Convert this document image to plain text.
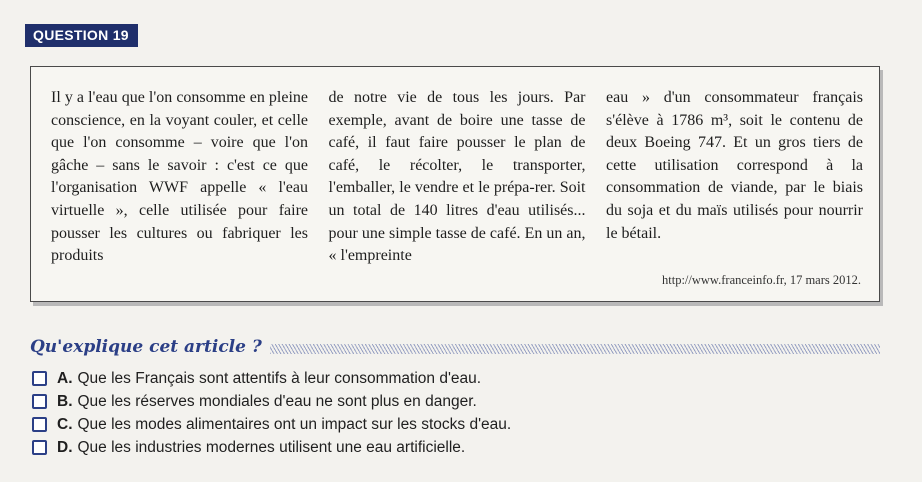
QUESTION 19

Il y a l'eau que l'on consomme en pleine conscience, en la voyant couler, et celle que l'on consomme – voire que l'on gâche – sans le savoir : c'est ce que l'organisation WWF appelle « l'eau virtuelle », celle utilisée pour faire pousser les cultures ou fabriquer les produits

de notre vie de tous les jours. Par exemple, avant de boire une tasse de café, il faut faire pousser le plan de café, le récolter, le transporter, l'emballer, le vendre et le prépa-rer. Soit un total de 140 litres d'eau utilisés... pour une simple tasse de café. En un an, « l'empreinte

eau » d'un consommateur français s'élève à 1786 m³, soit le contenu de deux Boeing 747. Et un gros tiers de cette utilisation correspond à la consommation de viande, par le biais du soja et du maïs utilisés pour nourrir le bétail.

http://www.franceinfo.fr, 17 mars 2012.
Qu'explique cet article ?
A. Que les Français sont attentifs à leur consommation d'eau.
B. Que les réserves mondiales d'eau ne sont plus en danger.
C. Que les modes alimentaires ont un impact sur les stocks d'eau.
D. Que les industries modernes utilisent une eau artificielle.
